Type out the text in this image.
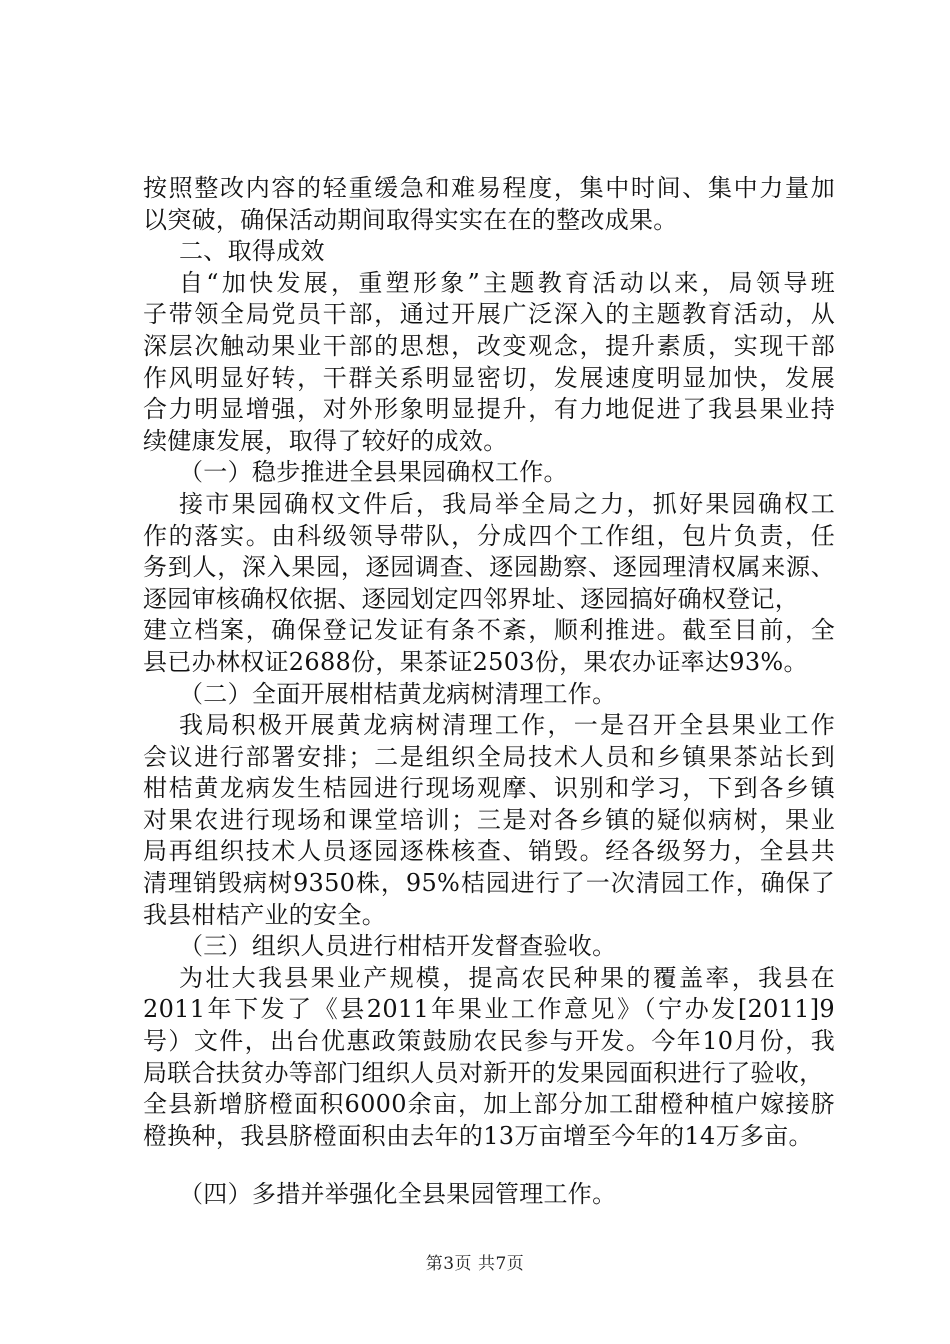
按照整改内容的轻重缓急和难易程度，集中时间、集中力量加
以突破，确保活动期间取得实实在在的整改成果。
二、取得成效
自“加快发展，重塑形象”主题教育活动以来，局领导班
子带领全局党员干部，通过开展广泛深入的主题教育活动，从
深层次触动果业干部的思想，改变观念，提升素质，实现干部
作风明显好转，干群关系明显密切，发展速度明显加快，发展
合力明显增强，对外形象明显提升，有力地促进了我县果业持
续健康发展，取得了较好的成效。
（一）稳步推进全县果园确权工作。
接市果园确权文件后，我局举全局之力，抓好果园确权工
作的落实。由科级领导带队，分成四个工作组，包片负责，任
务到人，深入果园，逐园调查、逐园勘察、逐园理清权属来源、
逐园审核确权依据、逐园划定四邻界址、逐园搞好确权登记，
建立档案，确保登记发证有条不紊，顺利推进。截至目前，全
县已办林权证2688份，果茶证2503份，果农办证率达93%。
（二）全面开展柑桔黄龙病树清理工作。
我局积极开展黄龙病树清理工作，一是召开全县果业工作
会议进行部署安排；二是组织全局技术人员和乡镇果茶站长到
柑桔黄龙病发生桔园进行现场观摩、识别和学习，下到各乡镇
对果农进行现场和课堂培训；三是对各乡镇的疑似病树，果业
局再组织技术人员逐园逐株核查、销毁。经各级努力，全县共
清理销毁病树9350株，95%桔园进行了一次清园工作，确保了
我县柑桔产业的安全。
（三）组织人员进行柑桔开发督查验收。
为壮大我县果业产规模，提高农民种果的覆盖率，我县在
2011年下发了《县2011年果业工作意见》（宁办发[2011]9
号）文件，出台优惠政策鼓励农民参与开发。今年10月份，我
局联合扶贫办等部门组织人员对新开的发果园面积进行了验收，
全县新增脐橙面积6000余亩，加上部分加工甜橙种植户嫁接脐
橙换种，我县脐橙面积由去年的13万亩增至今年的14万多亩。
（四）多措并举强化全县果园管理工作。
第3页 共7页
